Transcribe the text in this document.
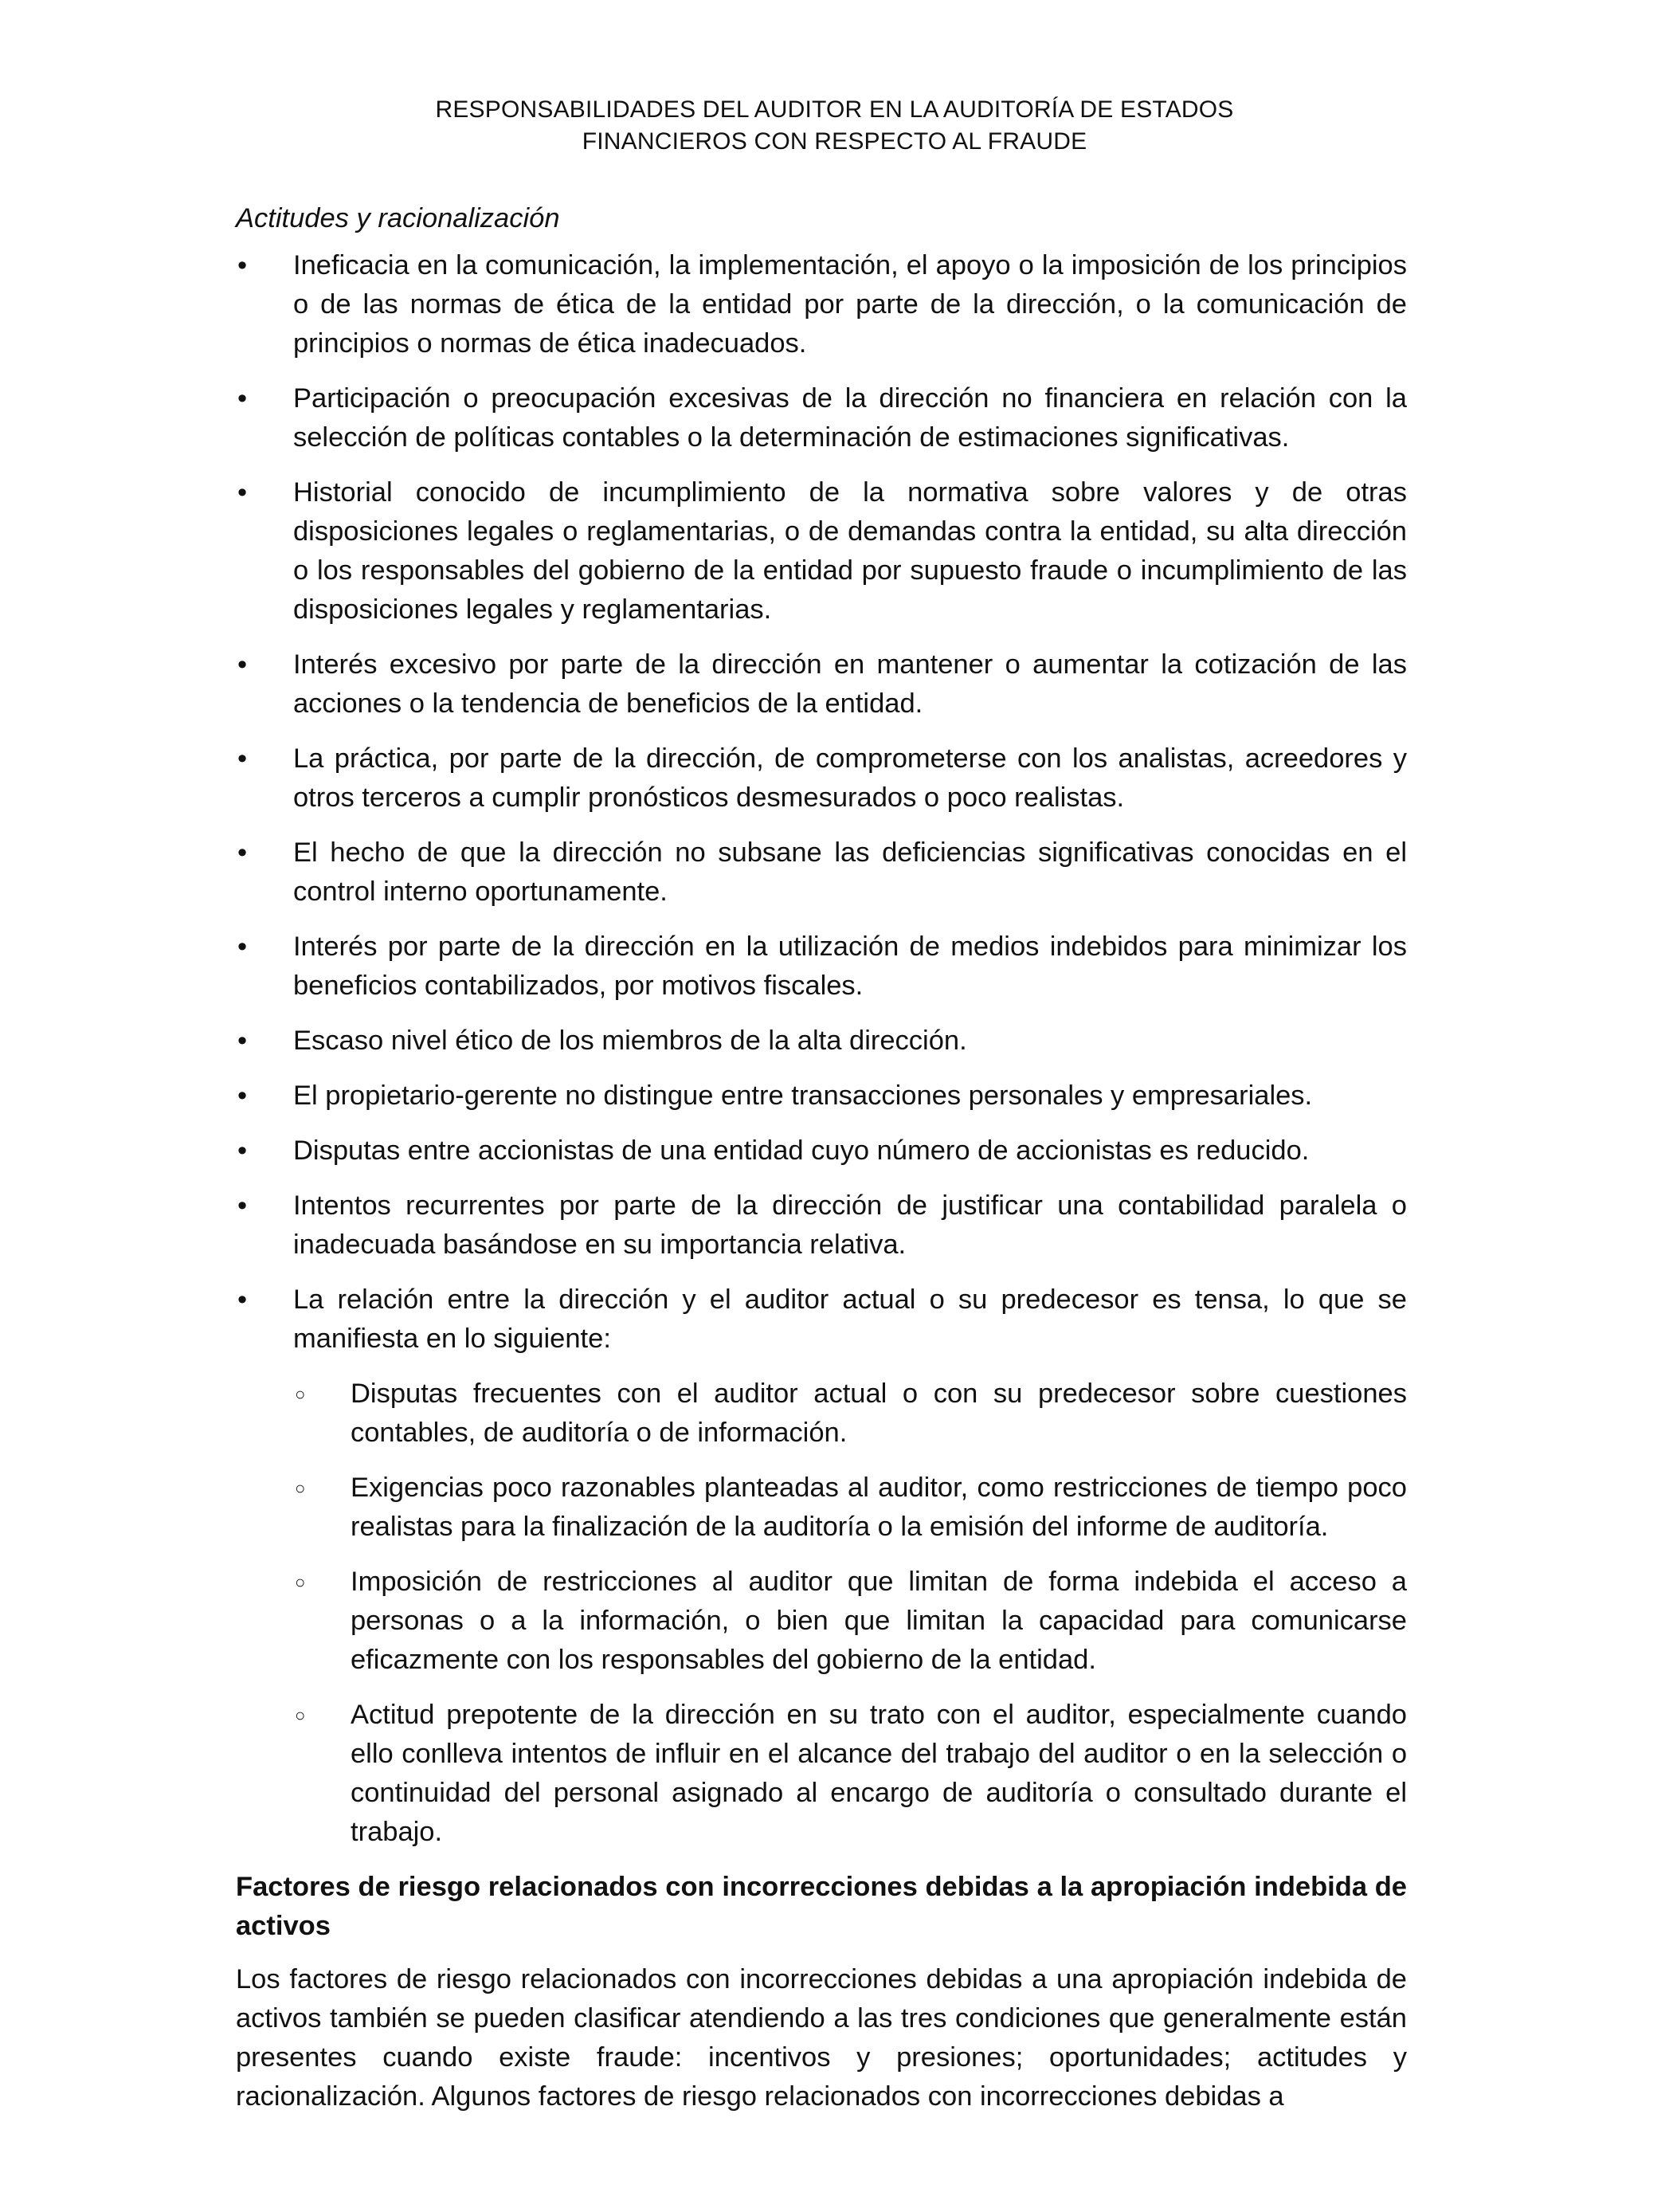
RESPONSABILIDADES DEL AUDITOR EN LA AUDITORÍA DE ESTADOS
FINANCIEROS CON RESPECTO AL FRAUDE
Actitudes y racionalización
•	Ineficacia en la comunicación, la implementación, el apoyo o la imposición de los principios o de las normas de ética de la entidad por parte de la dirección, o la comunicación de principios o normas de ética inadecuados.
•	Participación o preocupación excesivas de la dirección no financiera en relación con la selección de políticas contables o la determinación de estimaciones significativas.
•	Historial conocido de incumplimiento de la normativa sobre valores y de otras disposiciones legales o reglamentarias, o de demandas contra la entidad, su alta dirección o los responsables del gobierno de la entidad por supuesto fraude o incumplimiento de las disposiciones legales y reglamentarias.
•	Interés excesivo por parte de la dirección en mantener o aumentar la cotización de las acciones o la tendencia de beneficios de la entidad.
•	La práctica, por parte de la dirección, de comprometerse con los analistas, acreedores y otros terceros a cumplir pronósticos desmesurados o poco realistas.
•	El hecho de que la dirección no subsane las deficiencias significativas conocidas en el control interno oportunamente.
•	Interés por parte de la dirección en la utilización de medios indebidos para minimizar los beneficios contabilizados, por motivos fiscales.
•	Escaso nivel ético de los miembros de la alta dirección.
•	El propietario-gerente no distingue entre transacciones personales y empresariales.
•	Disputas entre accionistas de una entidad cuyo número de accionistas es reducido.
•	Intentos recurrentes por parte de la dirección de justificar una contabilidad paralela o inadecuada basándose en su importancia relativa.
•	La relación entre la dirección y el auditor actual o su predecesor es tensa, lo que se manifiesta en lo siguiente:
○ Disputas frecuentes con el auditor actual o con su predecesor sobre cuestiones contables, de auditoría o de información.
○ Exigencias poco razonables planteadas al auditor, como restricciones de tiempo poco realistas para la finalización de la auditoría o la emisión del informe de auditoría.
○ Imposición de restricciones al auditor que limitan de forma indebida el acceso a personas o a la información, o bien que limitan la capacidad para comunicarse eficazmente con los responsables del gobierno de la entidad.
○ Actitud prepotente de la dirección en su trato con el auditor, especialmente cuando ello conlleva intentos de influir en el alcance del trabajo del auditor o en la selección o continuidad del personal asignado al encargo de auditoría o consultado durante el trabajo.
Factores de riesgo relacionados con incorrecciones debidas a la apropiación indebida de activos

Los factores de riesgo relacionados con incorrecciones debidas a una apropiación indebida de activos también se pueden clasificar atendiendo a las tres condiciones que generalmente están presentes cuando existe fraude: incentivos y presiones; oportunidades; actitudes y racionalización. Algunos factores de riesgo relacionados con incorrecciones debidas a
